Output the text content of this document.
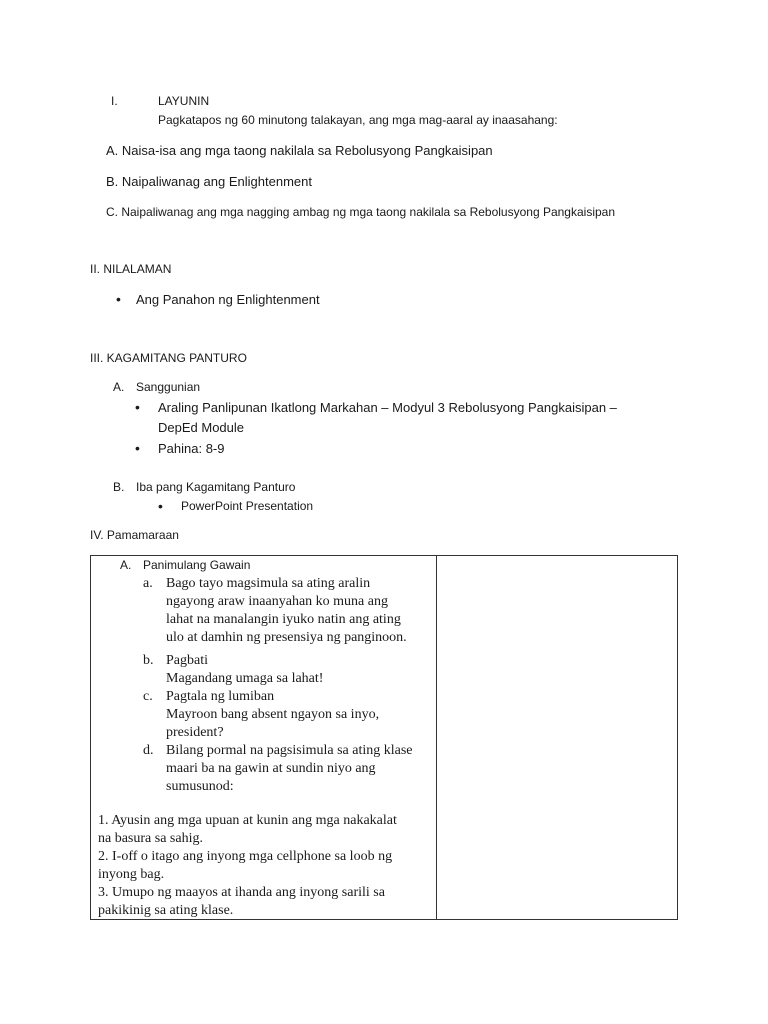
I.	LAYUNIN
Pagkatapos ng 60 minutong talakayan, ang mga mag-aaral ay inaasahang:
A. Naisa-isa ang mga taong nakilala sa Rebolusyong Pangkaisipan
B. Naipaliwanag ang Enlightenment
C. Naipaliwanag ang mga nagging ambag ng mga taong nakilala sa Rebolusyong Pangkaisipan
II. NILALAMAN
• Ang Panahon ng Enlightenment
III. KAGAMITANG PANTURO
A. Sanggunian
• Araling Panlipunan Ikatlong Markahan – Modyul 3 Rebolusyong Pangkaisipan –
DepEd Module
• Pahina: 8-9
B. Iba pang Kagamitang Panturo
• PowerPoint Presentation
IV. Pamamaraan
A. Panimulang Gawain
a. Bago tayo magsimula sa ating aralin
ngayong araw inaanyahan ko muna ang
lahat na manalangin iyuko natin ang ating
ulo at damhin ng presensiya ng panginoon.
b. Pagbati
Magandang umaga sa lahat!
c. Pagtala ng lumiban
Mayroon bang absent ngayon sa inyo,
president?
d. Bilang pormal na pagsisimula sa ating klase
maari ba na gawin at sundin niyo ang
sumusunod:
1. Ayusin ang mga upuan at kunin ang mga nakakalat
na basura sa sahig.
2. I-off o itago ang inyong mga cellphone sa loob ng
inyong bag.
3. Umupo ng maayos at ihanda ang inyong sarili sa
pakikinig sa ating klase.
